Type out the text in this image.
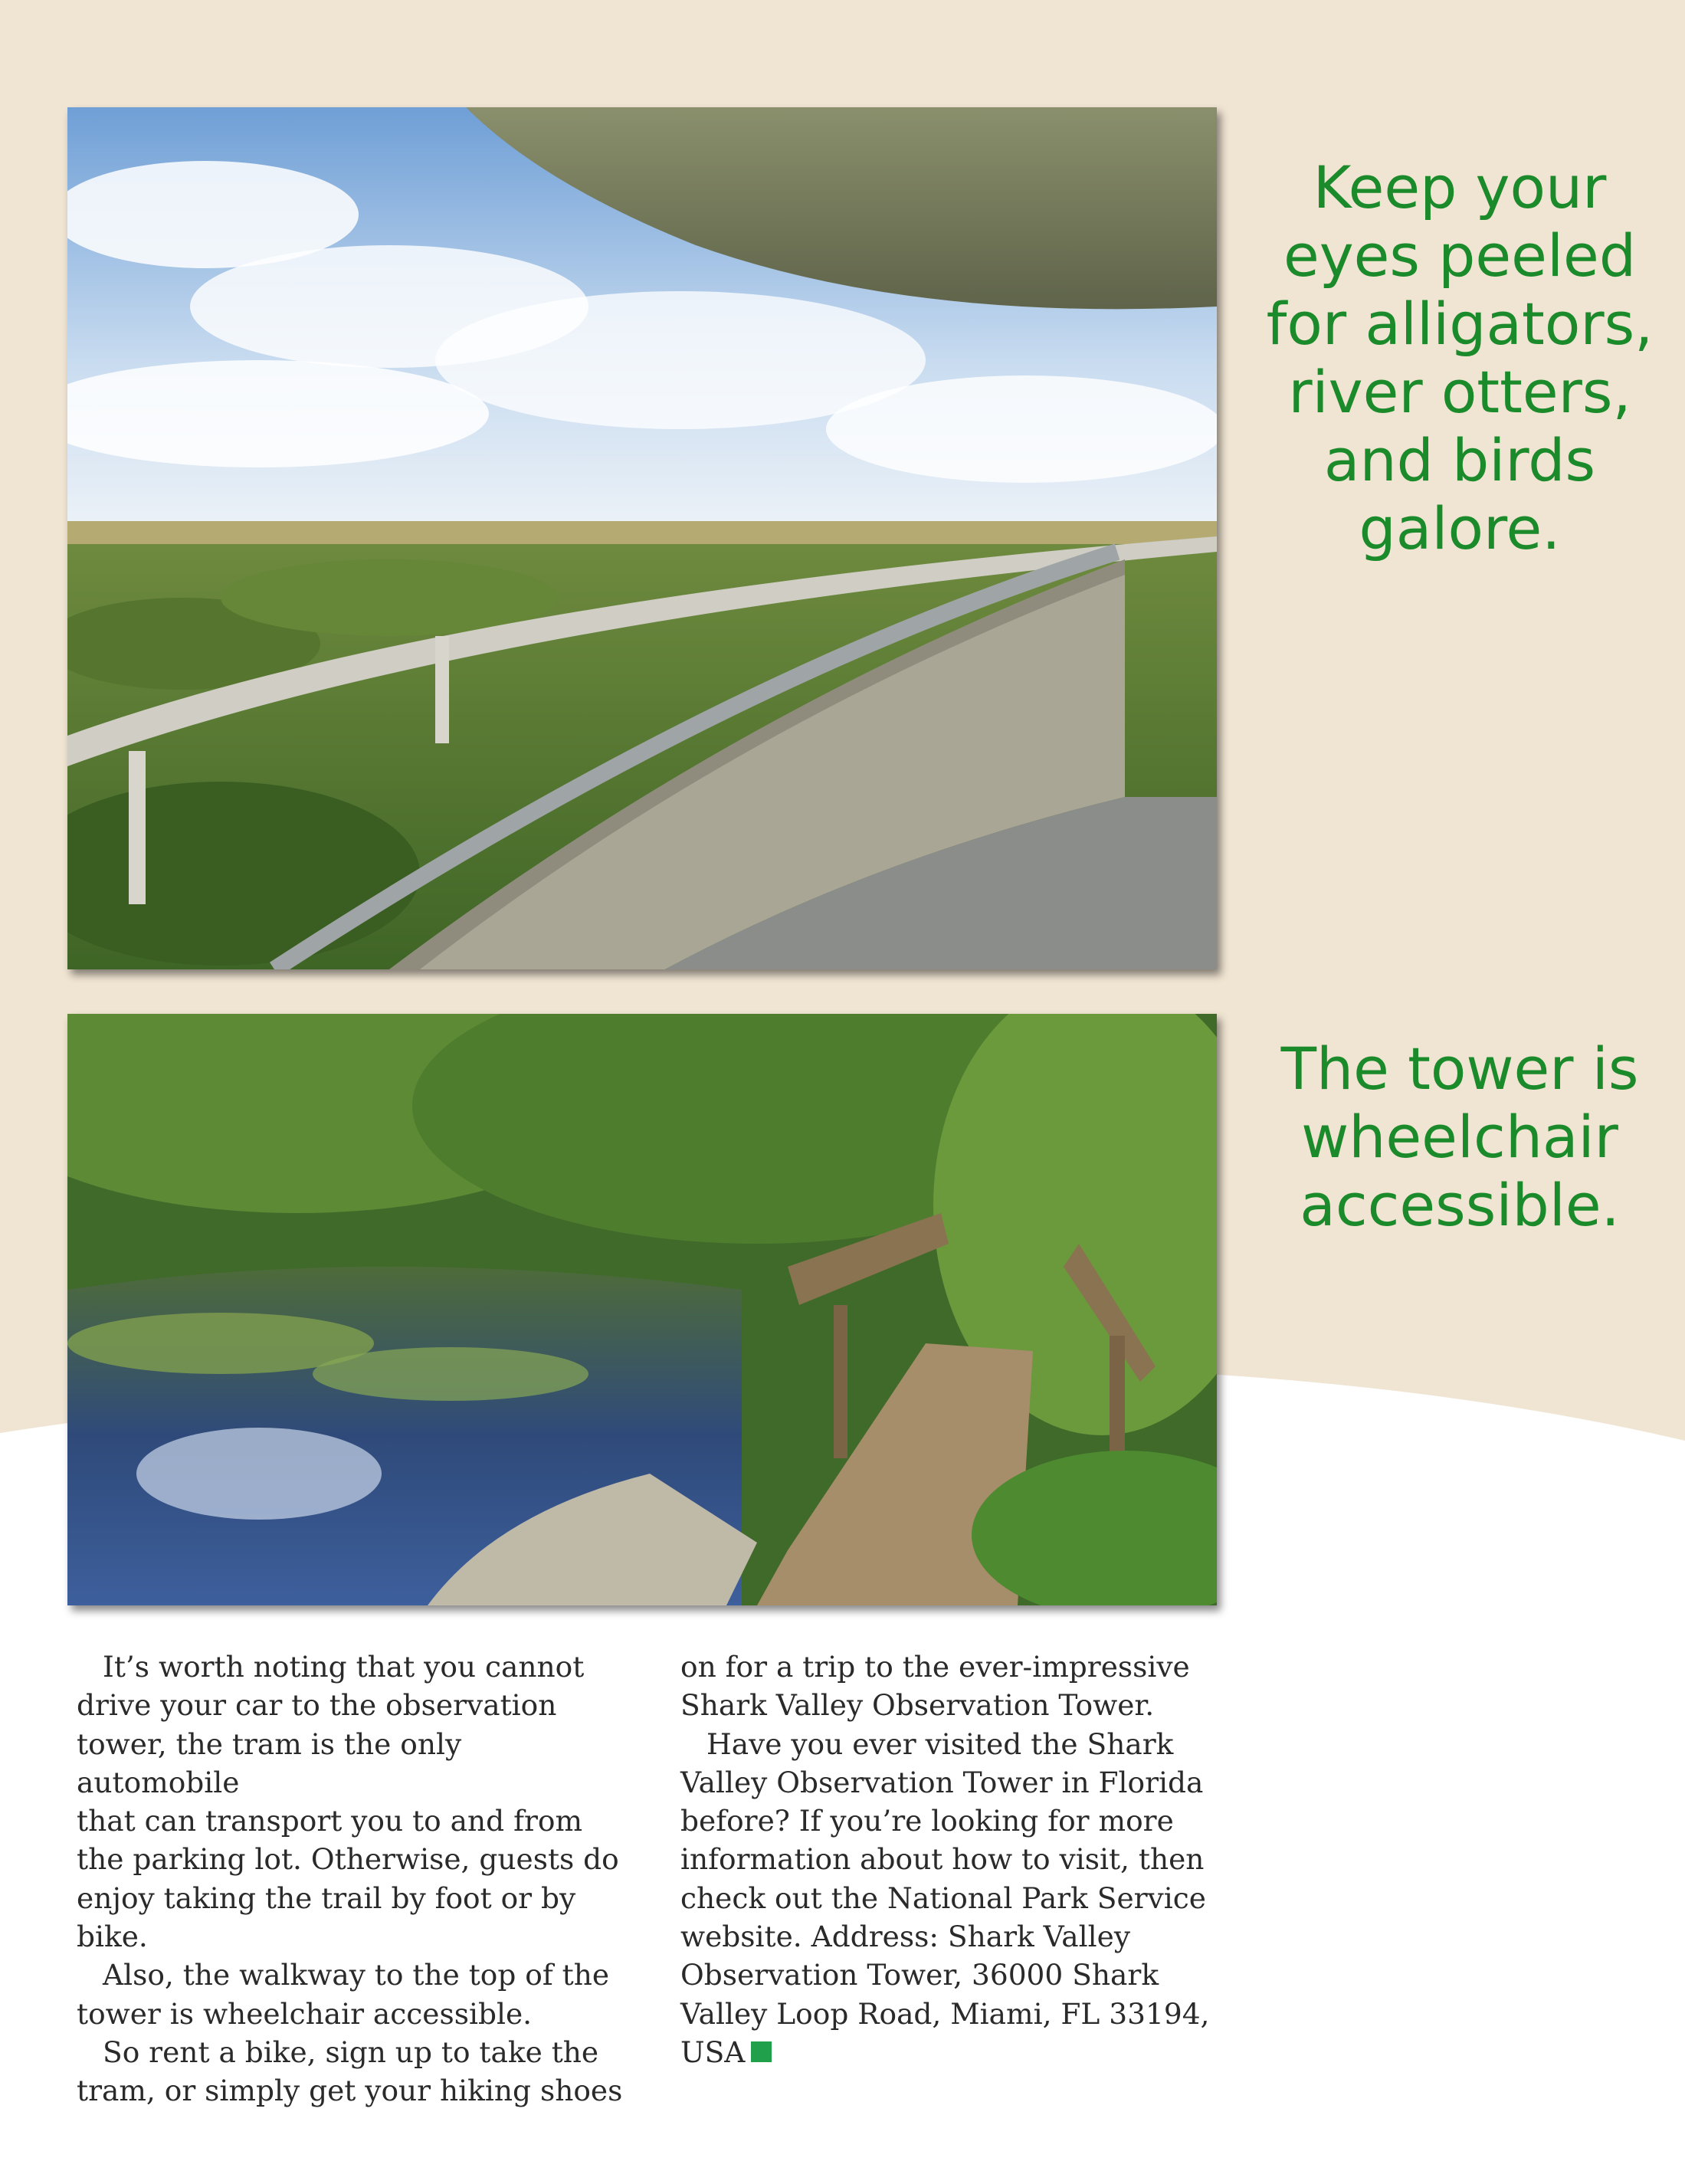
Keep your
eyes peeled
for alligators,
river otters,
and birds
galore.

The tower is
wheelchair
accessible.

It’s worth noting that you cannot
drive your car to the observation
tower, the tram is the only automobile
that can transport you to and from
the parking lot. Otherwise, guests do
enjoy taking the trail by foot or by
bike.

Also, the walkway to the top of the
tower is wheelchair accessible.

So rent a bike, sign up to take the
tram, or simply get your hiking shoes

on for a trip to the ever-impressive
Shark Valley Observation Tower.

Have you ever visited the Shark
Valley Observation Tower in Florida
before? If you’re looking for more
information about how to visit, then
check out the National Park Service
website. Address: Shark Valley
Observation Tower, 36000 Shark
Valley Loop Road, Miami, FL 33194,
USA
